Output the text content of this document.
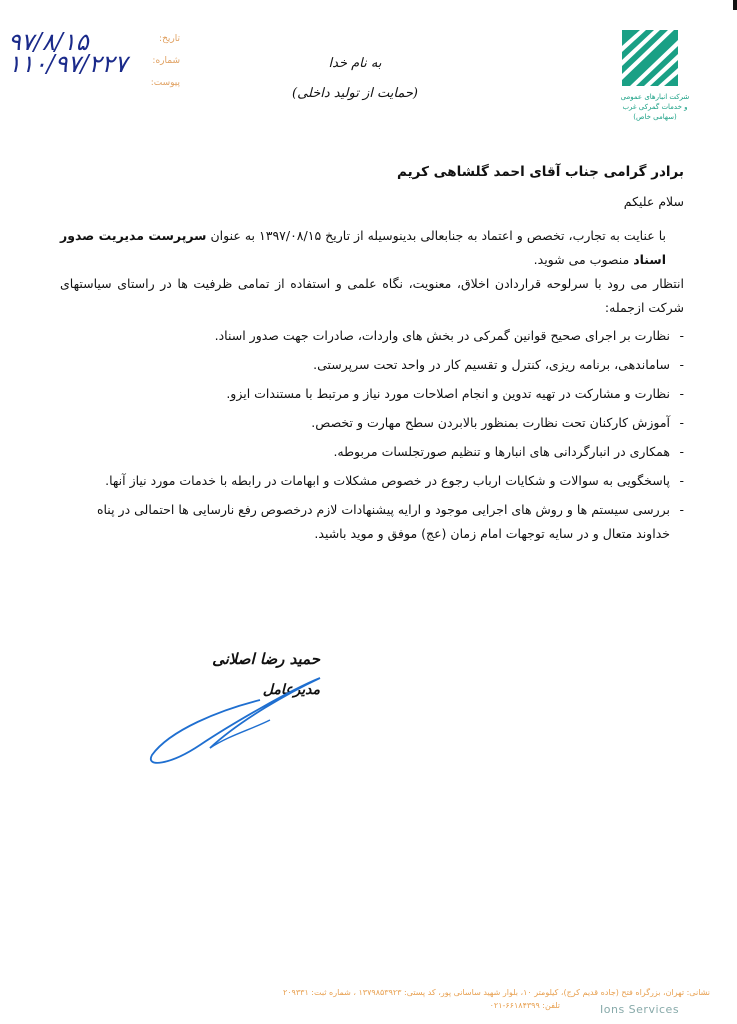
تاریخ:
۹۷/۸/۱۵
شماره:
۱۱۰/۹۷/۲۲۷
پیوست:
به نام خدا
(حمایت از تولید داخلی)	شرکت انبارهای عمومی
و خدمات گمرکی غرب
(سهامی خاص)
برادر گرامی جناب آقای احمد گلشاهی کریم
سلام علیکم

با عنایت به تجارب، تخصص و اعتماد به جنابعالی بدینوسیله از تاریخ ۱۳۹۷/۰۸/۱۵ به عنوان سرپرست مدیریت صدور اسناد منصوب می شوید.

انتظار می رود با سرلوحه قراردادن اخلاق، معنویت، نگاه علمی و استفاده از تمامی ظرفیت ها در راستای سیاستهای شرکت ازجمله:

- نظارت بر اجرای صحیح قوانین گمرکی در بخش های واردات، صادرات جهت صدور اسناد.
- ساماندهی، برنامه ریزی، کنترل و تقسیم کار در واحد تحت سرپرستی.
- نظارت و مشارکت در تهیه تدوین و انجام اصلاحات مورد نیاز و مرتبط با مستندات ایزو.
- آموزش کارکنان تحت نظارت بمنظور بالابردن سطح مهارت و تخصص.
- همکاری در انبارگردانی های انبارها و تنظیم صورتجلسات مربوطه.
- پاسخگویی به سوالات و شکایات ارباب رجوع در خصوص مشکلات و ابهامات در رابطه با خدمات مورد نیاز آنها.
- بررسی سیستم ها و روش های اجرایی موجود و ارایه پیشنهادات لازم درخصوص رفع نارسایی ها احتمالی در پناه خداوند متعال و در سایه توجهات امام زمان (عج) موفق و موید باشید.
حمید رضا اصلانی
مدیرعامل
نشانی: تهران، بزرگراه فتح (جاده قدیم کرج)، کیلومتر ۱۰، بلوار شهید ساسانی پور، کد پستی: ۱۳۷۹۸۵۳۹۲۳ ، شماره ثبت: ۲۰۹۳۳۱
تلفن: ۶۶۱۸۴۳۹۹-۰۲۱	Ions Services
